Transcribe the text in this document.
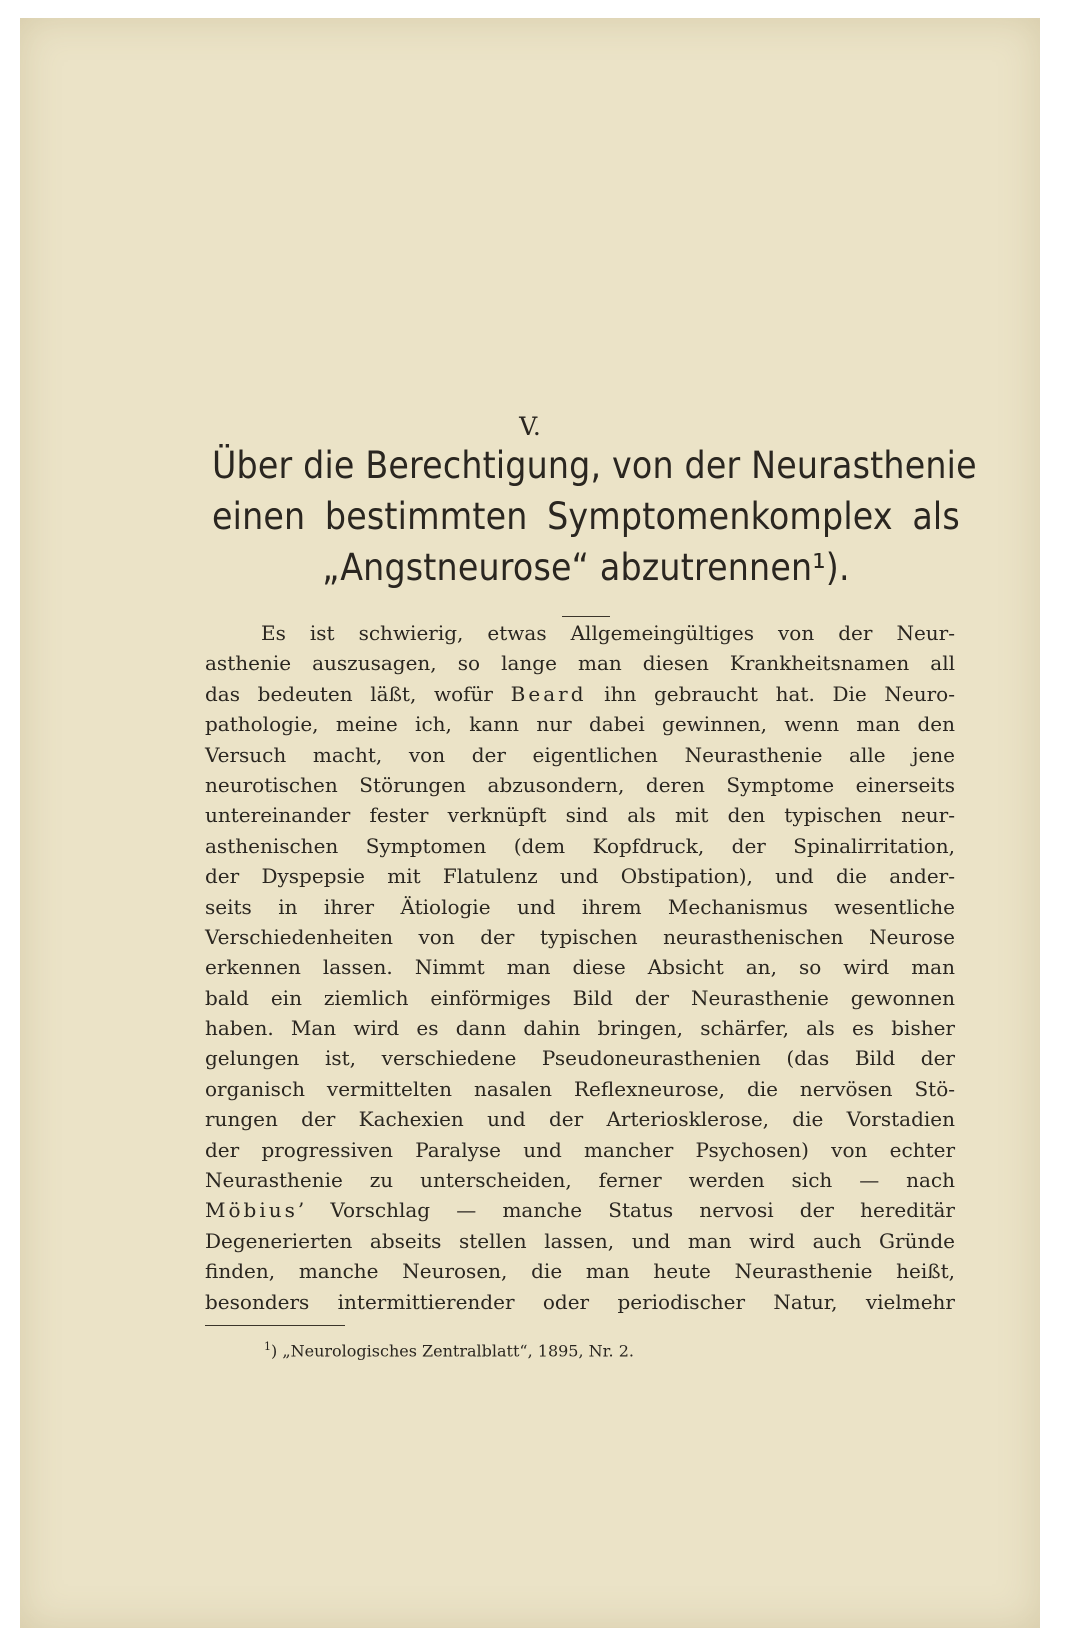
V.
Über die Berechtigung, von der Neurasthenie
einen bestimmten Symptomenkomplex als
„Angstneurose“ abzutrennen¹).
Es ist schwierig, etwas Allgemeingültiges von der Neur-
asthenie auszusagen, so lange man diesen Krankheitsnamen all
das bedeuten läßt, wofür Beard ihn gebraucht hat. Die Neuro-
pathologie, meine ich, kann nur dabei gewinnen, wenn man den
Versuch macht, von der eigentlichen Neurasthenie alle jene
neurotischen Störungen abzusondern, deren Symptome einerseits
untereinander fester verknüpft sind als mit den typischen neur-
asthenischen Symptomen (dem Kopfdruck, der Spinalirritation,
der Dyspepsie mit Flatulenz und Obstipation), und die ander-
seits in ihrer Ätiologie und ihrem Mechanismus wesentliche
Verschiedenheiten von der typischen neurasthenischen Neurose
erkennen lassen. Nimmt man diese Absicht an, so wird man
bald ein ziemlich einförmiges Bild der Neurasthenie gewonnen
haben. Man wird es dann dahin bringen, schärfer, als es bisher
gelungen ist, verschiedene Pseudoneurasthenien (das Bild der
organisch vermittelten nasalen Reflexneurose, die nervösen Stö-
rungen der Kachexien und der Arteriosklerose, die Vorstadien
der progressiven Paralyse und mancher Psychosen) von echter
Neurasthenie zu unterscheiden, ferner werden sich — nach
Möbius’ Vorschlag — manche Status nervosi der hereditär
Degenerierten abseits stellen lassen, und man wird auch Gründe
finden, manche Neurosen, die man heute Neurasthenie heißt,
besonders intermittierender oder periodischer Natur, vielmehr
$^1$) „Neurologisches Zentralblatt“, 1895, Nr. 2.
